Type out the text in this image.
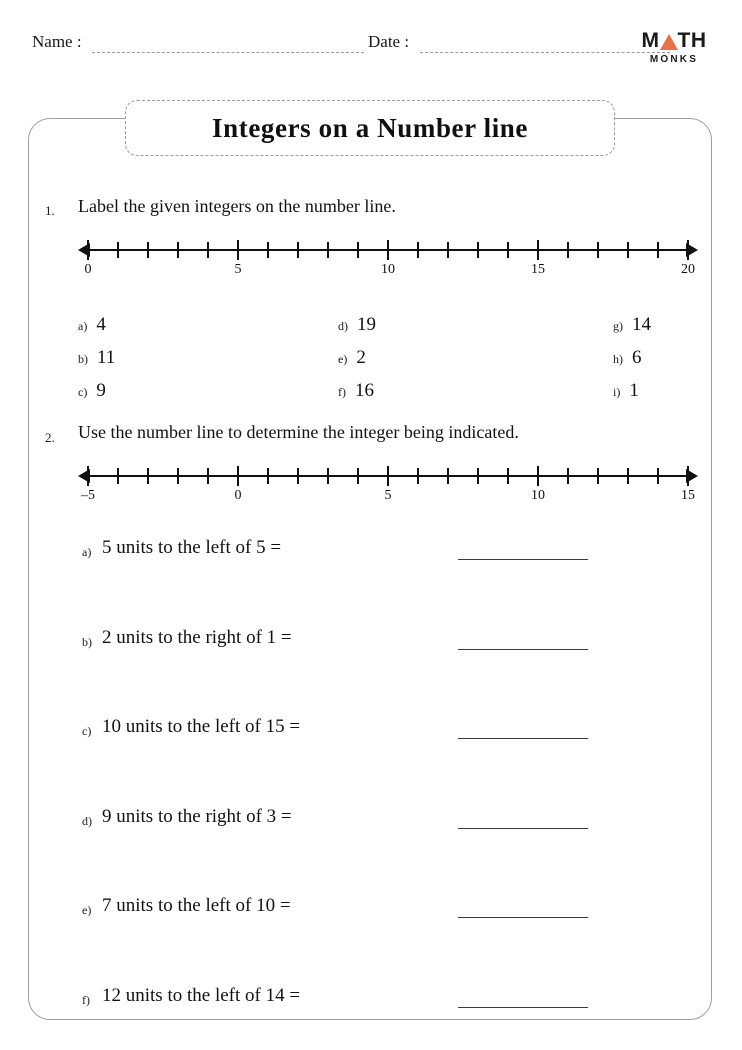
Name :	Date :	M TH
MONKS
Integers on a Number line
1. Label the given integers on the number line.
0	5	10	15	20
a) 4
b) 11
c) 9
d) 19
e) 2
f) 16
g) 14
h) 6
i) 1
2. Use the number line to determine the integer being indicated.
–5	0	5	10	15
a) 5 units to the left of 5 =
b) 2 units to the right of 1 =
c) 10 units to the left of 15 =
d) 9 units to the right of 3 =
e) 7 units to the left of 10 =
f) 12 units to the left of 14 =
